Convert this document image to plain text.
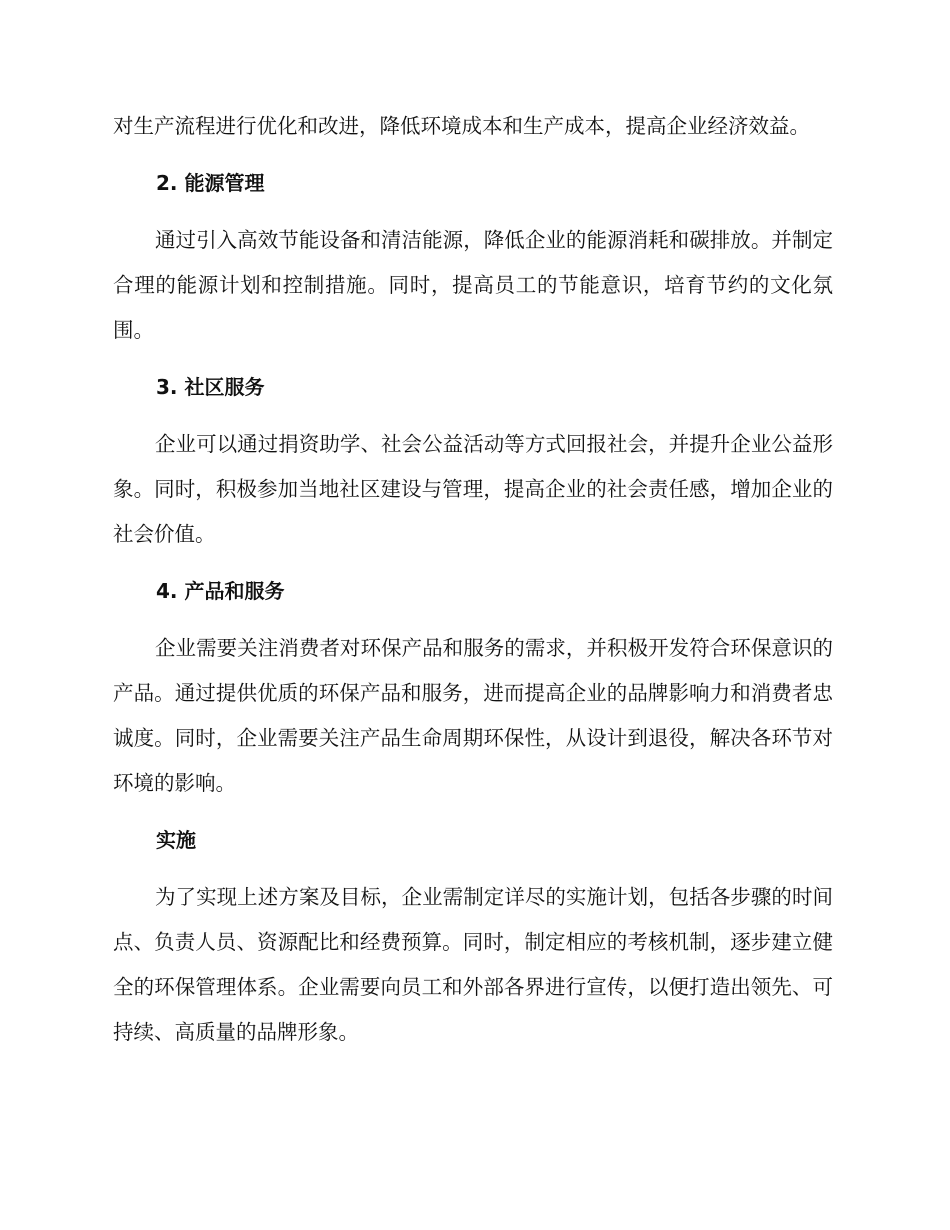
对生产流程进行优化和改进，降低环境成本和生产成本，提高企业经济效益。

2. 能源管理

通过引入高效节能设备和清洁能源，降低企业的能源消耗和碳排放。并制定合理的能源计划和控制措施。同时，提高员工的节能意识，培育节约的文化氛围。

3. 社区服务

企业可以通过捐资助学、社会公益活动等方式回报社会，并提升企业公益形象。同时，积极参加当地社区建设与管理，提高企业的社会责任感，增加企业的社会价值。

4. 产品和服务

企业需要关注消费者对环保产品和服务的需求，并积极开发符合环保意识的产品。通过提供优质的环保产品和服务，进而提高企业的品牌影响力和消费者忠诚度。同时，企业需要关注产品生命周期环保性，从设计到退役，解决各环节对环境的影响。

实施

为了实现上述方案及目标，企业需制定详尽的实施计划，包括各步骤的时间点、负责人员、资源配比和经费预算。同时，制定相应的考核机制，逐步建立健全的环保管理体系。企业需要向员工和外部各界进行宣传，以便打造出领先、可持续、高质量的品牌形象。
